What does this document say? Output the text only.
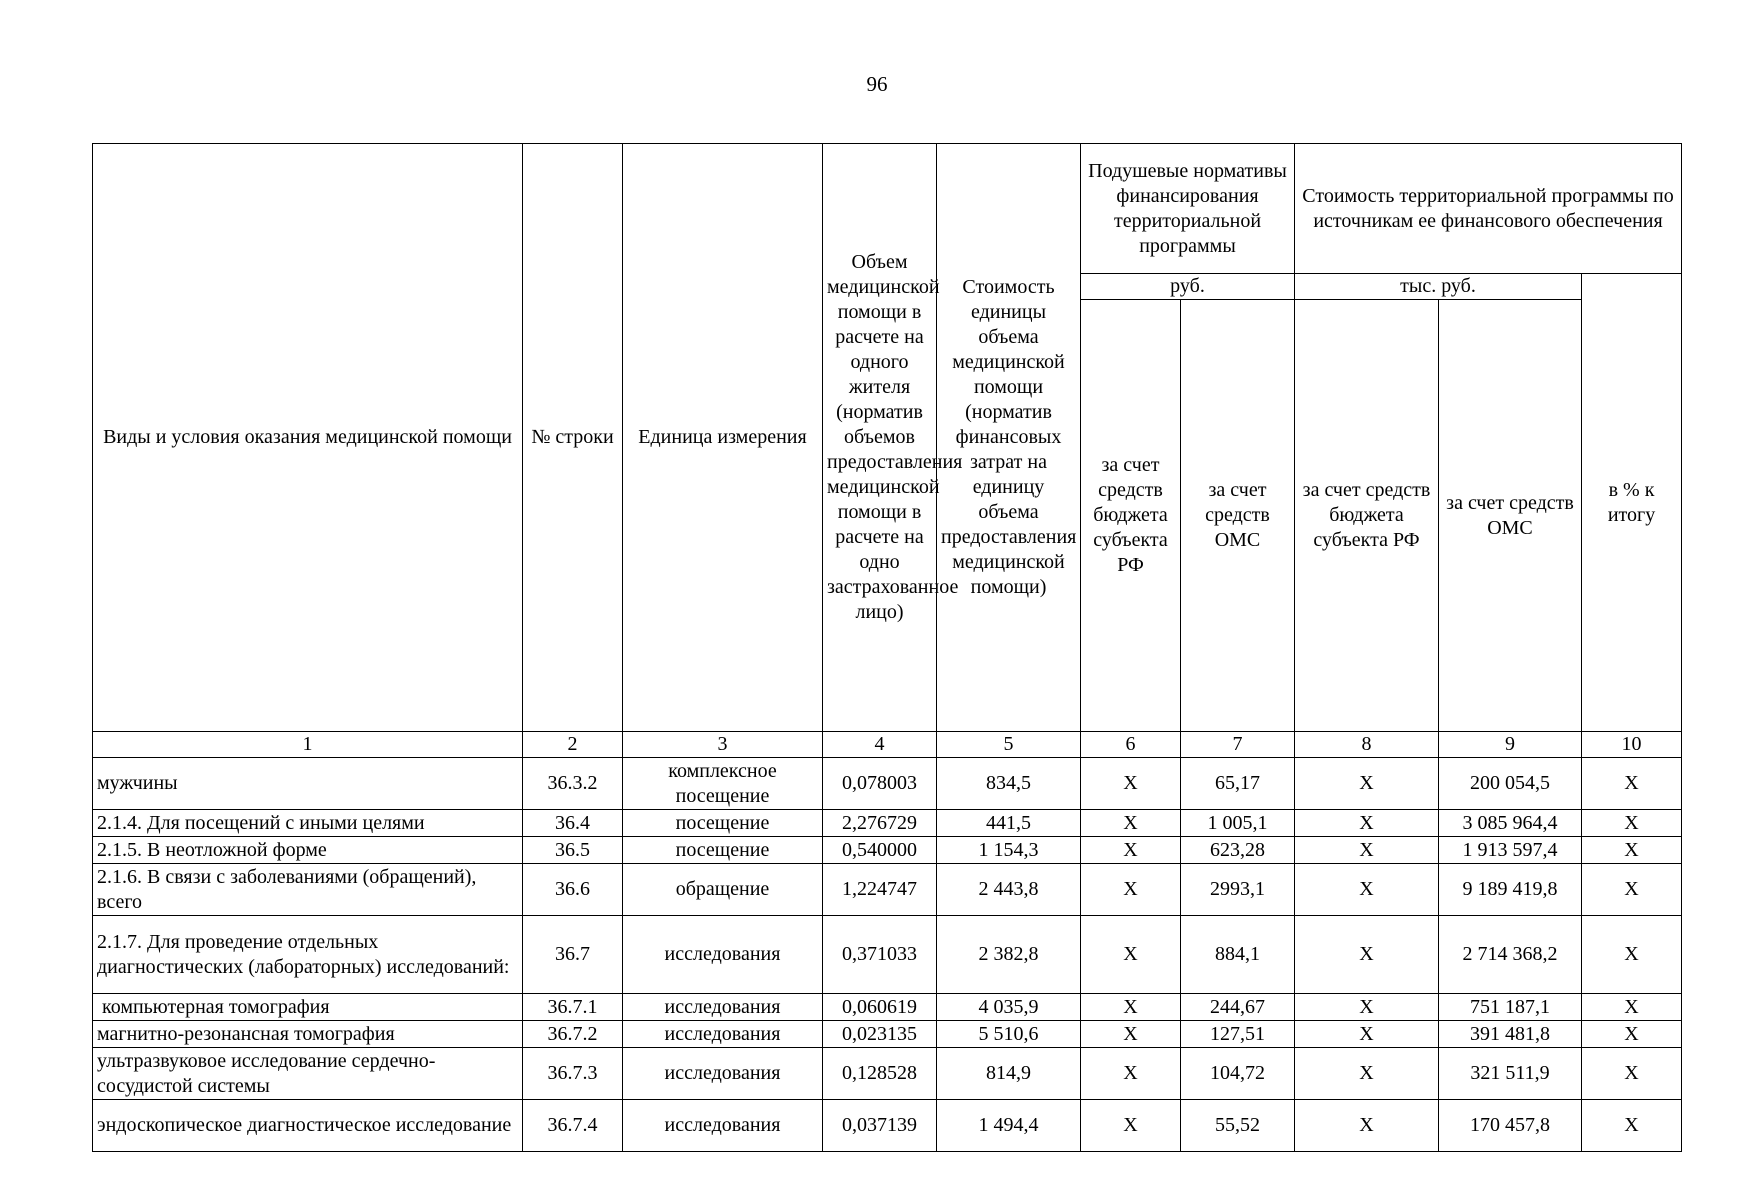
96
Виды и условия оказания медицинской помощи	№ строки	Единица измерения	Объем медицинской помощи в расчете на одного жителя (норматив объемов предоставления медицинской помощи в расчете на одно застрахованное лицо)	Стоимость единицы объема медицинской помощи (норматив финансовых затрат на единицу объема предоставления медицинской помощи)	Подушевые нормативы финансирования территориальной программы		Стоимость территориальной программы по источникам ее финансового обеспечения		
					руб.		тыс. руб.		в % к итогу
					за счет средств бюджета субъекта РФ	за счет средств ОМС	за счет средств бюджета субъекта РФ	за счет средств ОМС	
1	2	3	4	5	6	7	8	9	10
мужчины	36.3.2	комплексное посещение	0,078003	834,5	Х	65,17	Х	200 054,5	Х
2.1.4. Для посещений с иными целями	36.4	посещение	2,276729	441,5	Х	1 005,1	Х	3 085 964,4	Х
2.1.5. В неотложной форме	36.5	посещение	0,540000	1 154,3	Х	623,28	Х	1 913 597,4	Х
2.1.6. В связи с заболеваниями (обращений), всего	36.6	обращение	1,224747	2 443,8	Х	2993,1	Х	9 189 419,8	Х
2.1.7. Для проведение отдельных диагностических (лабораторных) исследований:	36.7	исследования	0,371033	2 382,8	Х	884,1	Х	2 714 368,2	Х
компьютерная томография	36.7.1	исследования	0,060619	4 035,9	Х	244,67	Х	751 187,1	Х
магнитно-резонансная томография	36.7.2	исследования	0,023135	5 510,6	Х	127,51	Х	391 481,8	Х
ультразвуковое исследование сердечно-сосудистой системы	36.7.3	исследования	0,128528	814,9	Х	104,72	Х	321 511,9	Х
эндоскопическое диагностическое исследование	36.7.4	исследования	0,037139	1 494,4	Х	55,52	Х	170 457,8	Х
